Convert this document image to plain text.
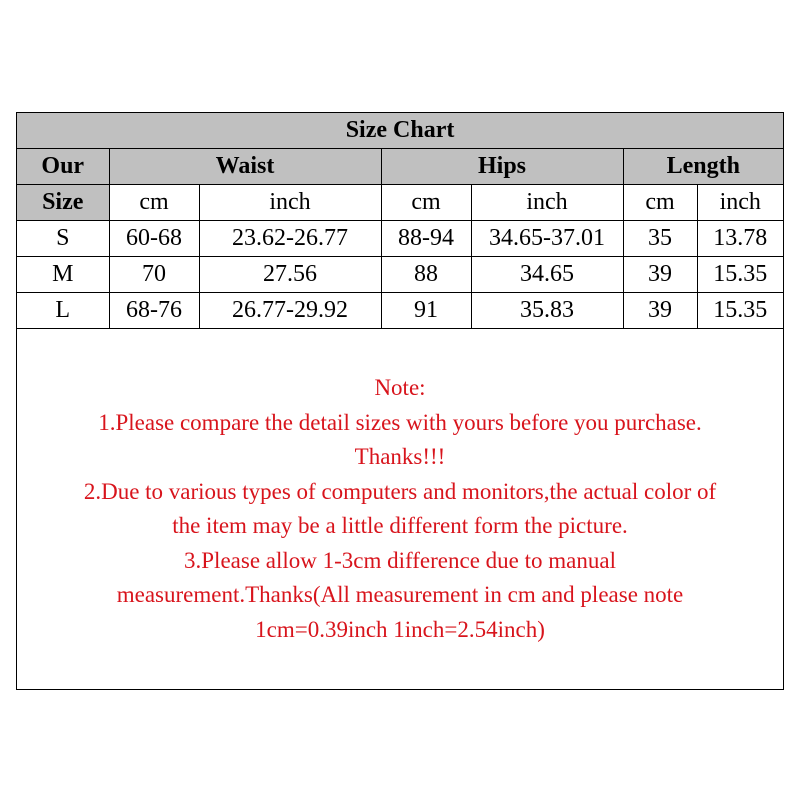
Size Chart						
Our	Waist		Hips		Length	
Size	cm	inch	cm	inch	cm	inch
S	60-68	23.62-26.77	88-94	34.65-37.01	35	13.78
M	70	27.56	88	34.65	39	15.35
L	68-76	26.77-29.92	91	35.83	39	15.35
Note:
1.Please compare the detail sizes with yours before you purchase.
Thanks!!!
2.Due to various types of computers and monitors,the actual color of
the item may be a little different form the picture.
3.Please allow 1-3cm difference due to manual
measurement.Thanks(All measurement in cm and please note
1cm=0.39inch 1inch=2.54inch)
